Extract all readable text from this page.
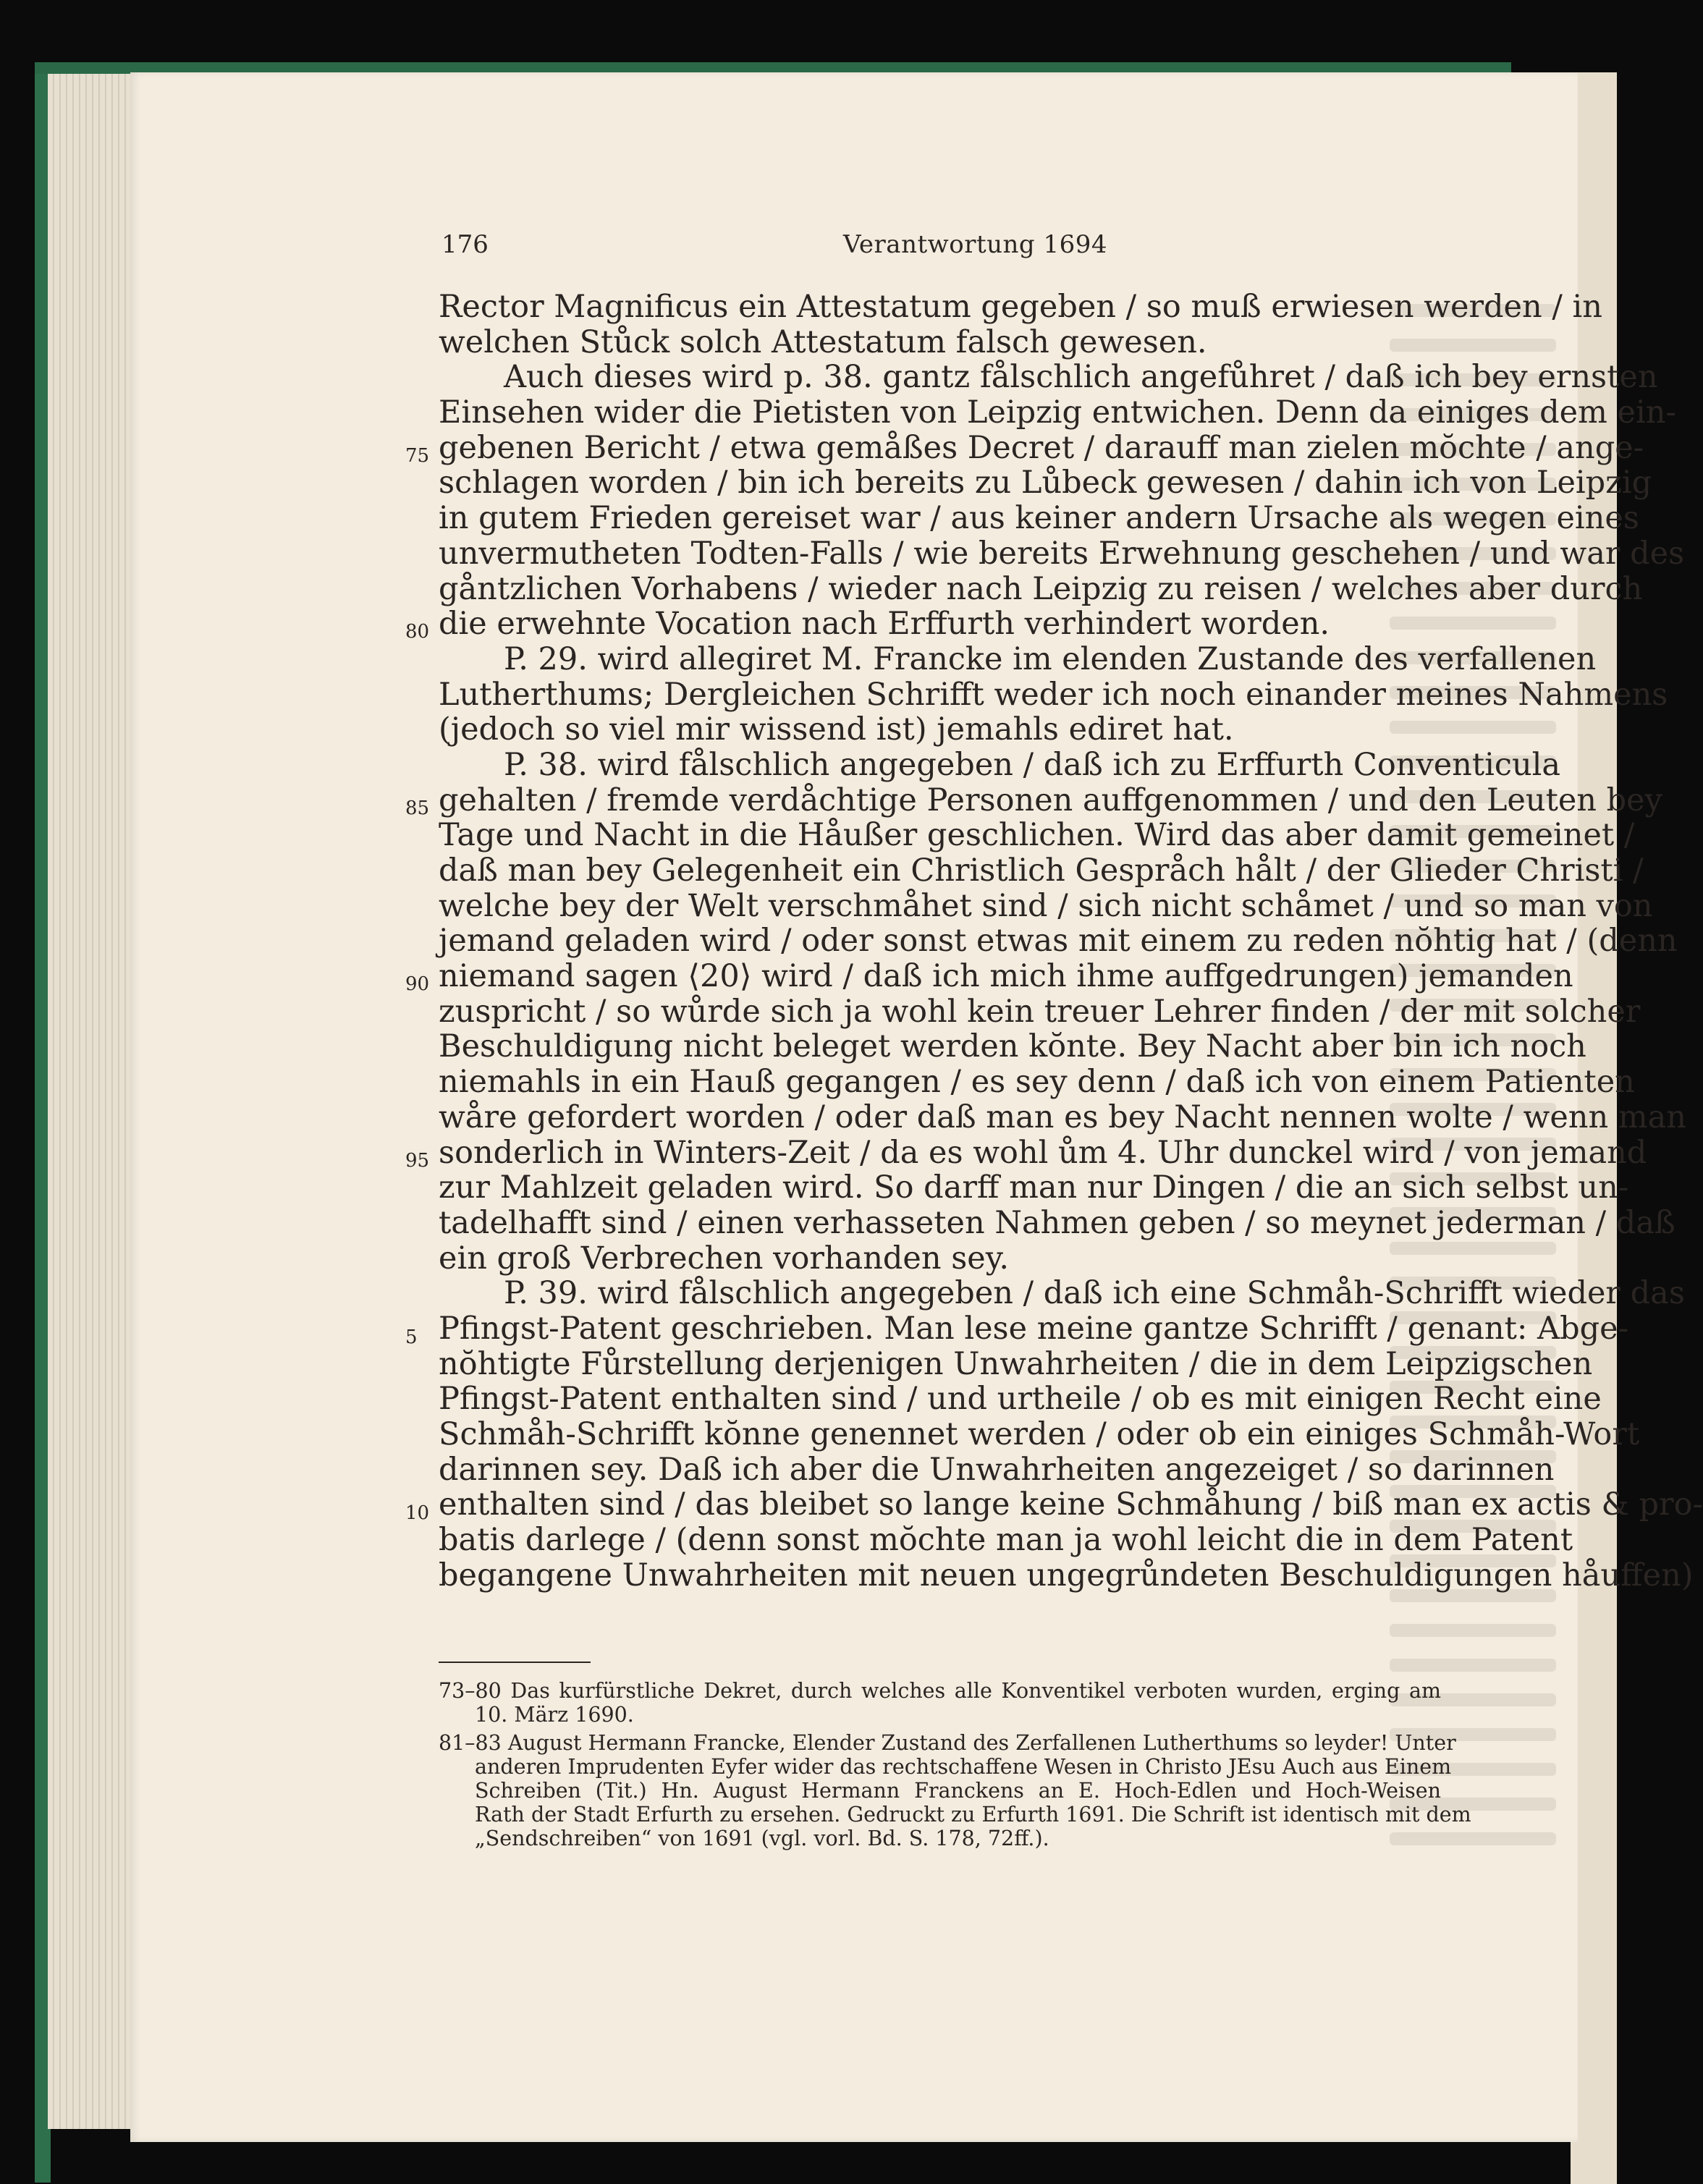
176	Verantwortung 1694
Rector Magnificus ein Attestatum gegeben / so muß erwiesen werden / in
welchen Stůck solch Attestatum falsch gewesen.
Auch dieses wird p. 38. gantz fålschlich angefůhret / daß ich bey ernsten
Einsehen wider die Pietisten von Leipzig entwichen. Denn da einiges dem ein-
gebenen Bericht / etwa gemåßes Decret / darauff man zielen mŏchte / ange-
schlagen worden / bin ich bereits zu Lůbeck gewesen / dahin ich von Leipzig
in gutem Frieden gereiset war / aus keiner andern Ursache als wegen eines
unvermutheten Todten-Falls / wie bereits Erwehnung geschehen / und war des
gåntzlichen Vorhabens / wieder nach Leipzig zu reisen / welches aber durch
die erwehnte Vocation nach Erffurth verhindert worden.
P. 29. wird allegiret M. Francke im elenden Zustande des verfallenen
Lutherthums; Dergleichen Schrifft weder ich noch einander meines Nahmens
(jedoch so viel mir wissend ist) jemahls ediret hat.
P. 38. wird fålschlich angegeben / daß ich zu Erffurth Conventicula
gehalten / fremde verdåchtige Personen auffgenommen / und den Leuten bey
Tage und Nacht in die Håußer geschlichen. Wird das aber damit gemeinet /
daß man bey Gelegenheit ein Christlich Gespråch hålt / der Glieder Christi /
welche bey der Welt verschmåhet sind / sich nicht schåmet / und so man von
jemand geladen wird / oder sonst etwas mit einem zu reden nŏhtig hat / (denn
niemand sagen ⟨20⟩ wird / daß ich mich ihme auffgedrungen) jemanden
zuspricht / so wůrde sich ja wohl kein treuer Lehrer finden / der mit solcher
Beschuldigung nicht beleget werden kŏnte. Bey Nacht aber bin ich noch
niemahls in ein Hauß gegangen / es sey denn / daß ich von einem Patienten
wåre gefordert worden / oder daß man es bey Nacht nennen wolte / wenn man
sonderlich in Winters-Zeit / da es wohl ům 4. Uhr dunckel wird / von jemand
zur Mahlzeit geladen wird. So darff man nur Dingen / die an sich selbst un-
tadelhafft sind / einen verhasseten Nahmen geben / so meynet jederman / daß
ein groß Verbrechen vorhanden sey.
P. 39. wird fålschlich angegeben / daß ich eine Schmåh-Schrifft wieder das
Pfingst-Patent geschrieben. Man lese meine gantze Schrifft / genant: Abge-
nŏhtigte Fůrstellung derjenigen Unwahrheiten / die in dem Leipzigschen
Pfingst-Patent enthalten sind / und urtheile / ob es mit einigen Recht eine
Schmåh-Schrifft kŏnne genennet werden / oder ob ein einiges Schmåh-Wort
darinnen sey. Daß ich aber die Unwahrheiten angezeiget / so darinnen
enthalten sind / das bleibet so lange keine Schmåhung / biß man ex actis & pro-
batis darlege / (denn sonst mŏchte man ja wohl leicht die in dem Patent
begangene Unwahrheiten mit neuen ungegrůndeten Beschuldigungen håuffen)
75
80
85
90
95
5
10
73–80 Das kurfürstliche Dekret, durch welches alle Konventikel verboten wurden, erging am
10. März 1690.
81–83 August Hermann Francke, Elender Zustand des Zerfallenen Lutherthums so leyder! Unter
anderen Imprudenten Eyfer wider das rechtschaffene Wesen in Christo JEsu Auch aus Einem
Schreiben (Tit.) Hn. August Hermann Franckens an E. Hoch-Edlen und Hoch-Weisen
Rath der Stadt Erfurth zu ersehen. Gedruckt zu Erfurth 1691. Die Schrift ist identisch mit dem
„Sendschreiben“ von 1691 (vgl. vorl. Bd. S. 178, 72ff.).
